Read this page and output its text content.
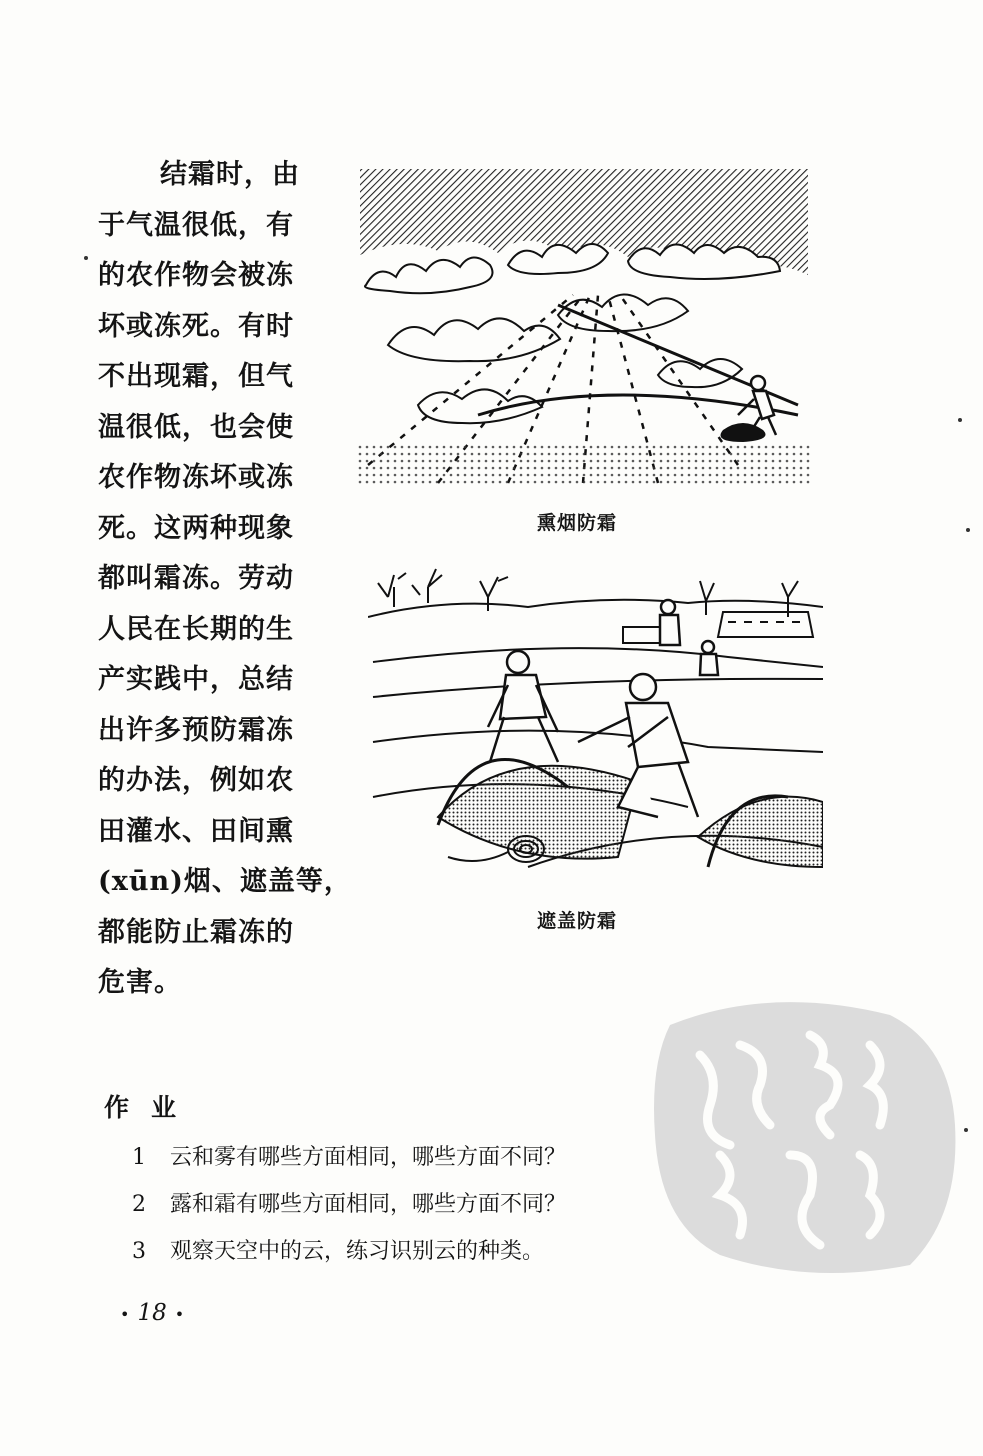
结霜时，由
于气温很低，有
的农作物会被冻
坏或冻死。有时
不出现霜，但气
温很低，也会使
农作物冻坏或冻
死。这两种现象
都叫霜冻。劳动
人民在长期的生
产实践中，总结
出许多预防霜冻
的办法，例如农
田灌水、田间熏
(xūn)烟、遮盖等，
都能防止霜冻的
危害。
熏烟防霜
遮盖防霜
作业
1 云和雾有哪些方面相同，哪些方面不同？
2 露和霜有哪些方面相同，哪些方面不同？
3 观察天空中的云，练习识别云的种类。
• 18 •
